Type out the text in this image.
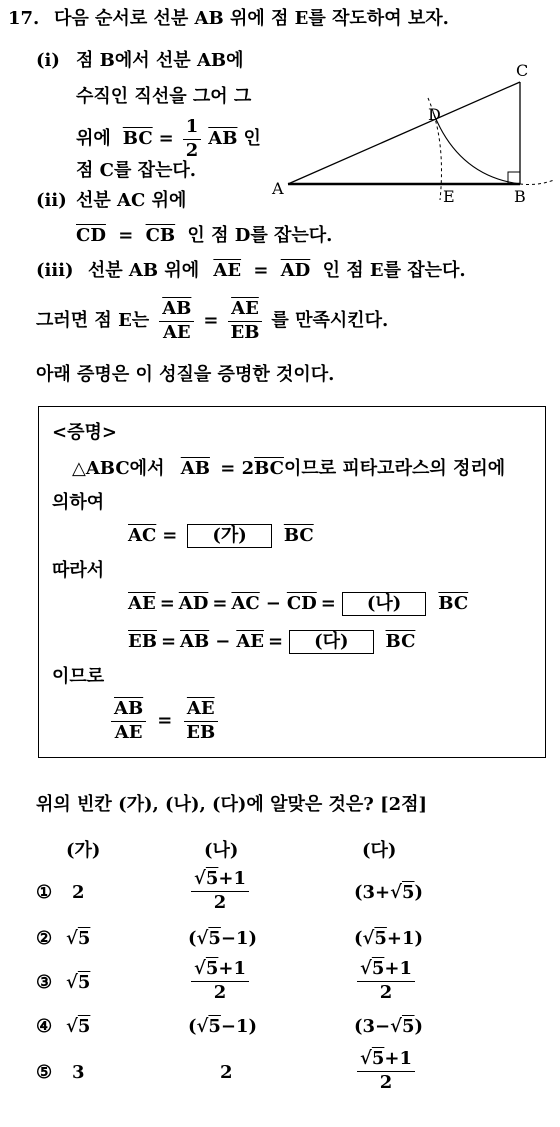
17. 다음 순서로 선분 AB 위에 점 E를 작도하여 보자.
(ⅰ) 점 B에서 선분 AB에
수직인 직선을 그어 그
위에 $\overline{BC} = \frac{1}{2} \overline{AB}$ 인
점 C를 잡는다.
(ⅱ) 선분 AC 위에
$\overline{CD} = \overline{CB}$ 인 점 D를 잡는다.
(ⅲ) 선분 AB 위에 $\overline{AE} = \overline{AD}$ 인 점 E를 잡는다.
그러면 점 E는 $\frac{\overline{AB}}{AE} = \frac{\overline{AE}}{EB}$ 를 만족시킨다.
아래 증명은 이 성질을 증명한 것이다.
A	B
C
D
E
<증명>
△ABC에서 $\overline{AB} = 2\overline{BC}$이므로 피타고라스의 정리에
의하여
$\overline{AC}$ =	(가)	$\overline{BC}$
따라서
$\overline{AE} = \overline{AD} = \overline{AC} - \overline{CD}$ =	(나)	$\overline{BC}$
$\overline{EB} = \overline{AB} - \overline{AE}$ =	(다)	$\overline{BC}$
이므로
$\frac{\overline{AB}}{AE} = \frac{\overline{AE}}{EB}$
위의 빈칸 (가), (나), (다)에 알맞은 것은? [2점]
(가)	(나)	(다)
① 2	$\frac{√5+1}{2}$	(3+√5)
② √5	(√5−1)	(√5+1)
③ √5	$\frac{√5+1}{2}$	$\frac{√5+1}{2}$
④ √5	(√5−1)	(3−√5)
⑤ 3	2	$\frac{√5+1}{2}$
